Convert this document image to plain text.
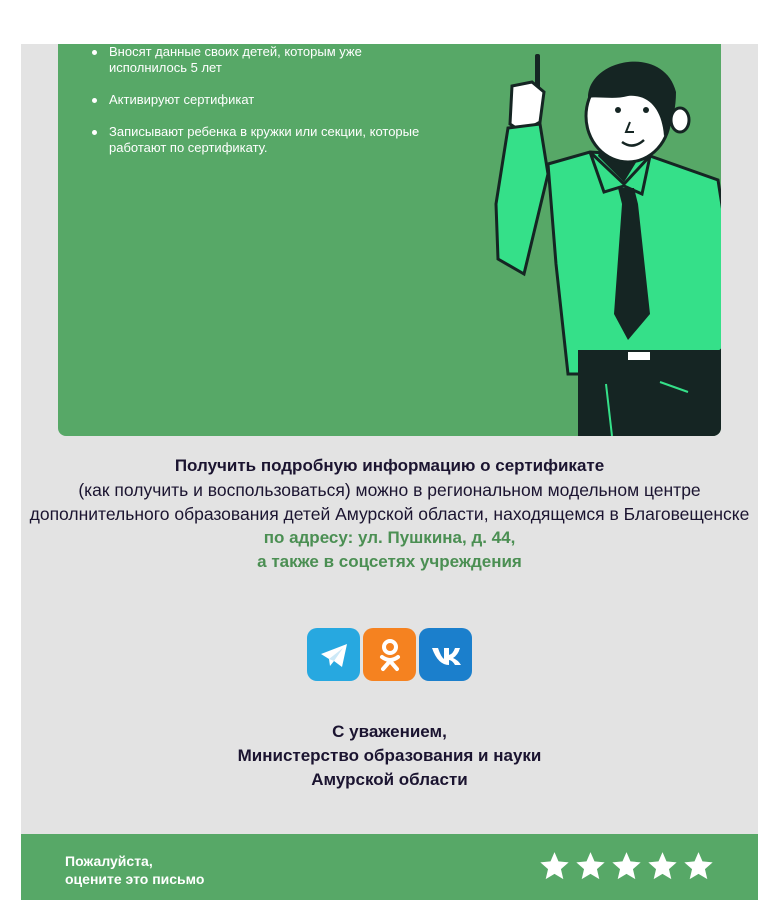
Вносят данные своих детей, которым уже исполнилось 5 лет
Активируют сертификат
Записывают ребенка в кружки или секции, которые работают по сертификату.
Получить подробную информацию о сертификате
(как получить и воспользоваться) можно в региональном модельном центре дополнительного образования детей Амурской области, находящемся в Благовещенске
по адресу: ул. Пушкина, д. 44,
а также в соцсетях учреждения
С уважением,
Министерство образования и науки
Амурской области
Пожалуйста,
оцените это письмо
